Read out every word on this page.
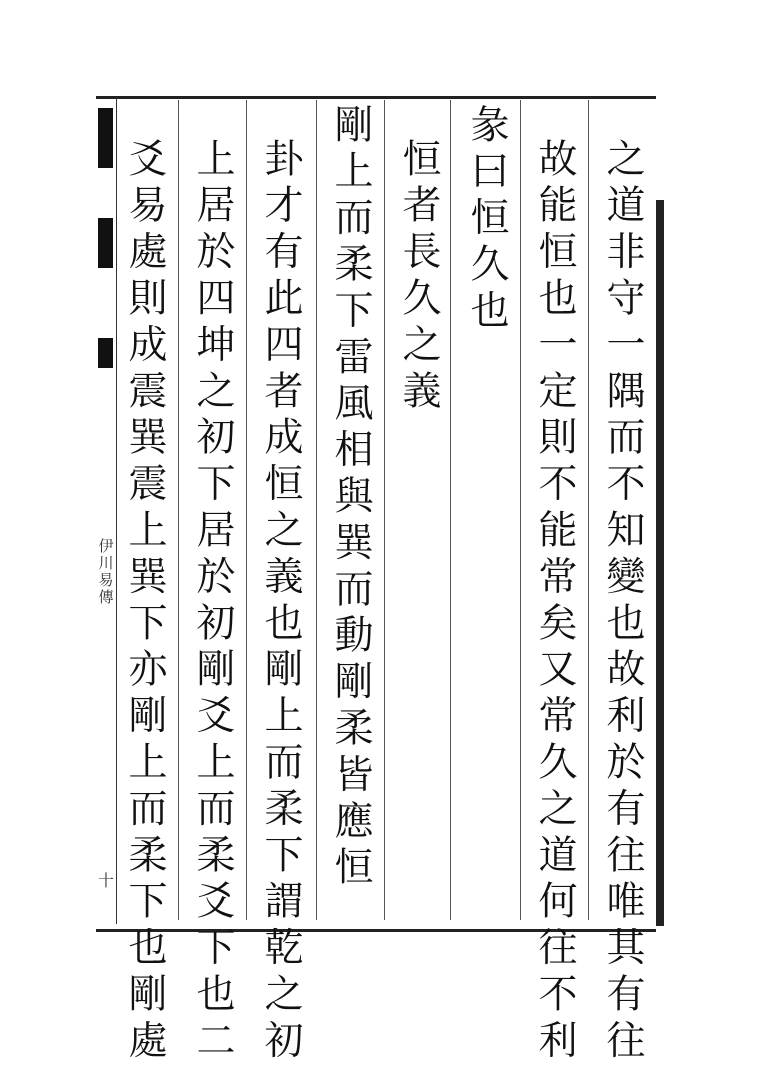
伊川易傳
十	之道非守一隅而不知變也故利於有往唯其有往
故能恒也一定則不能常矣又常久之道何往不利
彖曰恒久也
恒者長久之義
剛上而柔下雷風相與巽而動剛柔皆應恒
卦才有此四者成恒之義也剛上而柔下謂乾之初
上居於四坤之初下居於初剛爻上而柔爻下也二
爻易處則成震巽震上巽下亦剛上而柔下也剛處
